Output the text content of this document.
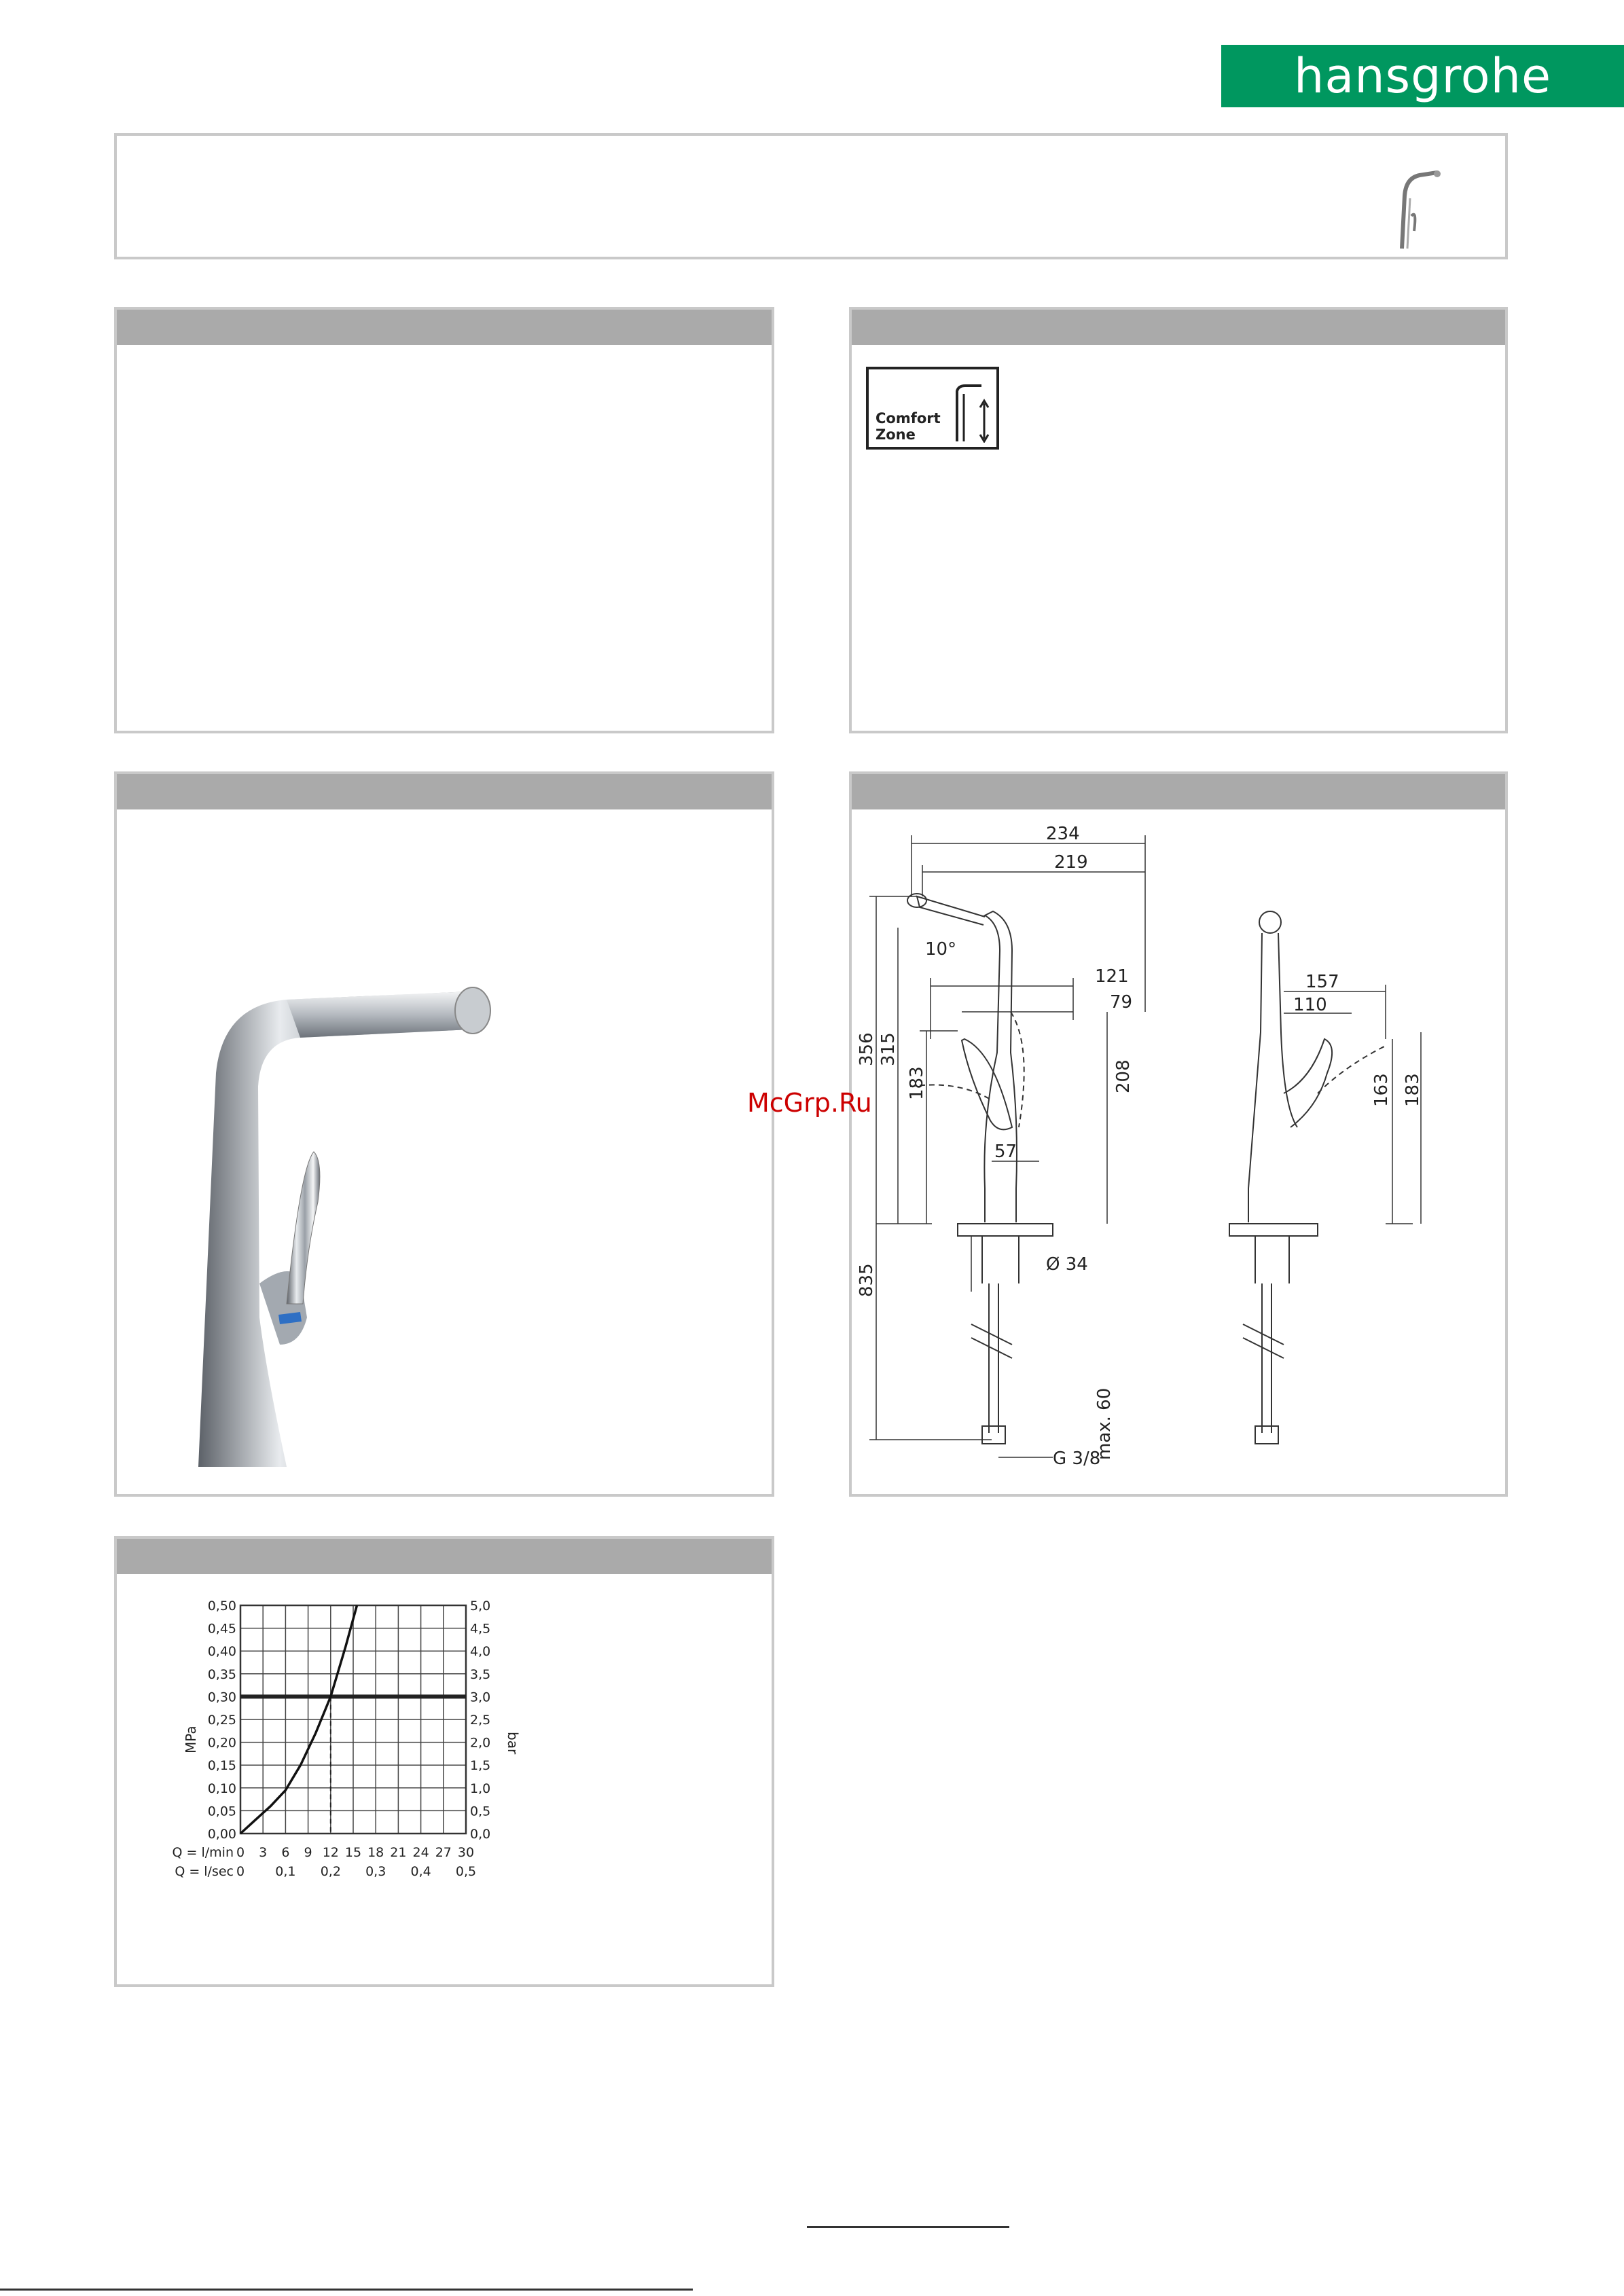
hansgrohe
Comfort
Zone
234
219
10°
121
79
356 315
183	208
57
max. 60
Ø 34
835
G 3/8
157
110
163 183
McGrp.Ru
0,50
0,45
0,40
0,35
0,30
0,25
0,20
0,15
0,10
0,05
0,00
5,0
4,5
4,0
3,5
3,0
2,5
2,0
1,5
1,0
0,5
0,0
0 3 6 9 12 15 18 21 24 27 30
0 0,1 0,2 0,3 0,4 0,5
MPa	bar
Q = l/min
Q = l/sec
